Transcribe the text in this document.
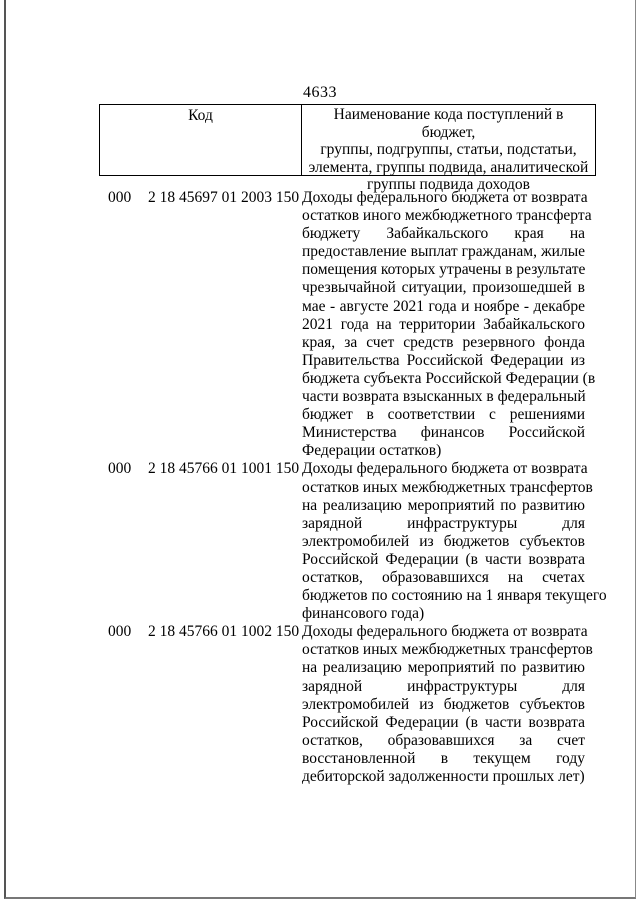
4633
Код	Наименование кода поступлений в бюджет,
группы, подгруппы, статьи, подстатьи,
элемента, группы подвида, аналитической
группы подвида доходов
000 2 18 45697 01 2003 150 Доходы федерального бюджета от возврата
остатков иного межбюджетного трансферта
бюджету Забайкальского края на
предоставление выплат гражданам, жилые
помещения которых утрачены в результате
чрезвычайной ситуации, произошедшей в
мае - августе 2021 года и ноябре - декабре
2021 года на территории Забайкальского
края, за счет средств резервного фонда
Правительства Российской Федерации из
бюджета субъекта Российской Федерации (в
части возврата взысканных в федеральный
бюджет в соответствии с решениями
Министерства финансов Российской
Федерации остатков)
000 2 18 45766 01 1001 150 Доходы федерального бюджета от возврата
остатков иных межбюджетных трансфертов
на реализацию мероприятий по развитию
зарядной инфраструктуры для
электромобилей из бюджетов субъектов
Российской Федерации (в части возврата
остатков, образовавшихся на счетах
бюджетов по состоянию на 1 января текущего
финансового года)
000 2 18 45766 01 1002 150 Доходы федерального бюджета от возврата
остатков иных межбюджетных трансфертов
на реализацию мероприятий по развитию
зарядной инфраструктуры для
электромобилей из бюджетов субъектов
Российской Федерации (в части возврата
остатков, образовавшихся за счет
восстановленной в текущем году
дебиторской задолженности прошлых лет)
